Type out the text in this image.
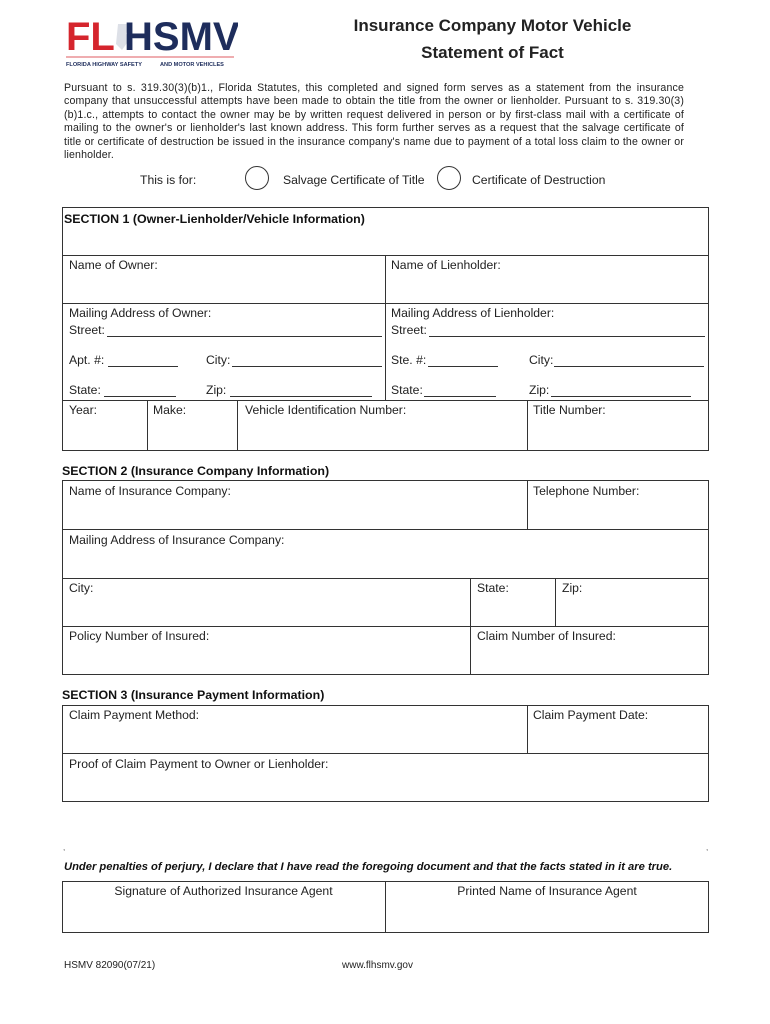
FL HSMV
FLORIDA HIGHWAY SAFETY	AND MOTOR VEHICLES
Insurance Company Motor Vehicle
Statement of Fact
Pursuant to s. 319.30(3)(b)1., Florida Statutes, this completed and signed form serves as a statement from the insurance company that unsuccessful attempts have been made to obtain the title from the owner or lienholder. Pursuant to s. 319.30(3)(b)1.c., attempts to contact the owner may be by written request delivered in person or by first-class mail with a certificate of mailing to the owner's or lienholder's last known address. This form further serves as a request that the salvage certificate of title or certificate of destruction be issued in the insurance company's name due to payment of a total loss claim to the owner or lienholder.
This is for:	Salvage Certificate of Title	Certificate of Destruction
SECTION 1 (Owner-Lienholder/Vehicle Information)
Name of Owner:	Name of Lienholder:
Mailing Address of Owner:	Mailing Address of Lienholder:
Street:	Street:
Apt. #:	City:	Ste. #:	City:
State:	Zip:	State:	Zip:
Year:	Make:	Vehicle Identification Number:	Title Number:
SECTION 2 (Insurance Company Information)
Name of Insurance Company:	Telephone Number:
Mailing Address of Insurance Company:
City:	State:	Zip:
Policy Number of Insured:	Claim Number of Insured:
SECTION 3 (Insurance Payment Information)
Claim Payment Method:	Claim Payment Date:
Proof of Claim Payment to Owner or Lienholder:
,	,
Under penalties of perjury, I declare that I have read the foregoing document and that the facts stated in it are true.
Signature of Authorized Insurance Agent	Printed Name of Insurance Agent
HSMV 82090(07/21)	www.flhsmv.gov
